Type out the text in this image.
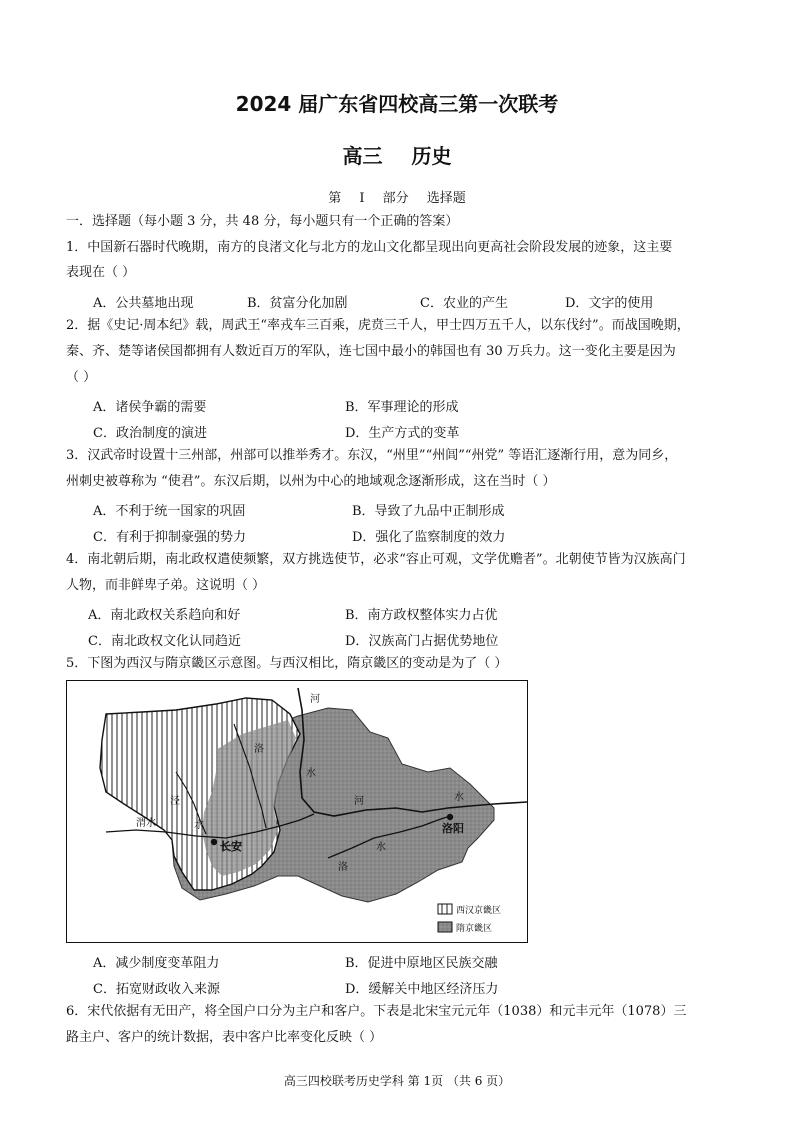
2024 届广东省四校高三第一次联考
高三 历史
第 I 部分 选择题
一．选择题（每小题 3 分，共 48 分，每小题只有一个正确的答案）
1．中国新石器时代晚期，南方的良渚文化与北方的龙山文化都呈现出向更高社会阶段发展的迹象，这主要
表现在（ ）
A．公共墓地出现	B．贫富分化加剧	C．农业的产生	D．文字的使用
2．据《史记·周本纪》载，周武王“率戎车三百乘，虎贲三千人，甲士四万五千人，以东伐纣”。而战国晚期，
秦、齐、楚等诸侯国都拥有人数近百万的军队，连七国中最小的韩国也有 30 万兵力。这一变化主要是因为
（ ）
A．诸侯争霸的需要	B．军事理论的形成
C．政治制度的演进	D．生产方式的变革
3．汉武帝时设置十三州部，州部可以推举秀才。东汉，“州里”“州闾”“州党” 等语汇逐渐行用，意为同乡，
州刺史被尊称为 “使君”。东汉后期，以州为中心的地域观念逐渐形成，这在当时（ ）
A．不利于统一国家的巩固	B．导致了九品中正制形成
C．有利于抑制豪强的势力	D．强化了监察制度的效力
4．南北朝后期，南北政权遣使频繁，双方挑选使节，必求“容止可观，文学优赡者”。北朝使节皆为汉族高门
人物，而非鲜卑子弟。这说明（ ）
A．南北政权关系趋向和好	B．南方政权整体实力占优
C．南北政权文化认同趋近	D．汉族高门占据优势地位
5．下图为西汉与隋京畿区示意图。与西汉相比，隋京畿区的变动是为了（ ）
河
洛
水
泾
渭水	水
河	水
洛
水
长安
洛阳
西汉京畿区
隋京畿区
A．减少制度变革阻力	B．促进中原地区民族交融
C．拓宽财政收入来源	D．缓解关中地区经济压力
6．宋代依据有无田产，将全国户口分为主户和客户。下表是北宋宝元元年（1038）和元丰元年（1078）三
路主户、客户的统计数据，表中客户比率变化反映（ ）
高三四校联考历史学科 第 1页 （共 6 页）
